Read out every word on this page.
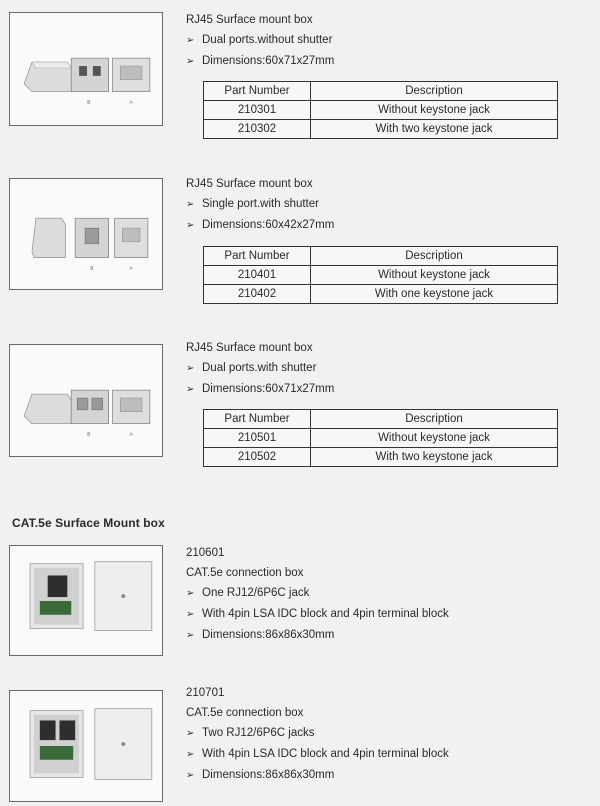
B	A
RJ45 Surface mount box
➢ Dual ports.without shutter
➢ Dimensions:60x71x27mm
Part Number	Description
210301	Without keystone jack
210302	With two keystone jack
B	A
RJ45 Surface mount box
➢ Single port.with shutter
➢ Dimensions:60x42x27mm
Part Number	Description
210401	Without keystone jack
210402	With one keystone jack
B	A
RJ45 Surface mount box
➢ Dual ports.with shutter
➢ Dimensions:60x71x27mm
Part Number	Description
210501	Without keystone jack
210502	With two keystone jack
CAT.5e Surface Mount box
210601
CAT.5e connection box
➢ One RJ12/6P6C jack
➢ With 4pin LSA IDC block and 4pin terminal block
➢ Dimensions:86x86x30mm
210701
CAT.5e connection box
➢ Two RJ12/6P6C jacks
➢ With 4pin LSA IDC block and 4pin terminal block
➢ Dimensions:86x86x30mm
